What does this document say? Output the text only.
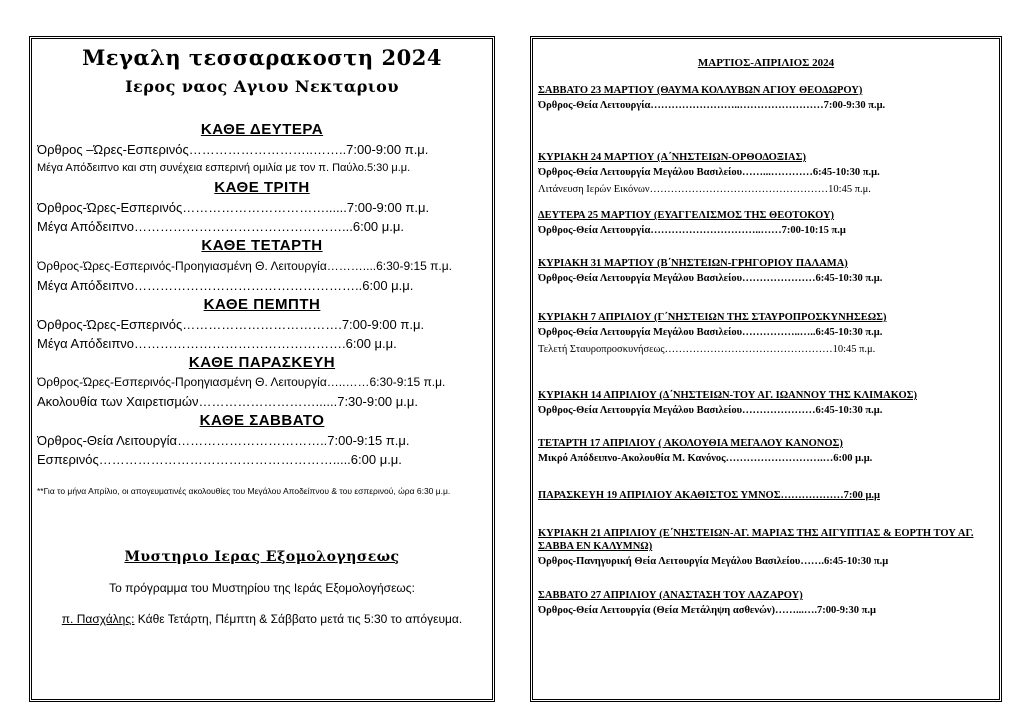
Μεγαλη τεσσαρακοστη 2024
Ιερος ναος Αγιου Νεκταριου
ΚΑΘΕ ΔΕΥΤΕΡΑ
Όρθρος –Ώρες-Εσπερινός………………………..……..7:00-9:00 π.μ.
Μέγα Απόδειπνο και στη συνέχεια εσπερινή ομιλία με τον π. Παύλο.5:30 μ.μ.
ΚΑΘΕ ΤΡΙΤΗ
Όρθρος-Ώρες-Εσπερινός……………………………......7:00-9:00 π.μ.
Μέγα Απόδειπνο…………………………………………...6:00 μ.μ.
ΚΑΘΕ ΤΕΤΑΡΤΗ
Όρθρος-Ώρες-Εσπερινός-Προηγιασμένη Θ. Λειτουργία………....6:30-9:15 π.μ.
Μέγα Απόδειπνο……………………………………………..6:00 μ.μ.
ΚΑΘΕ ΠΕΜΠΤΗ
Όρθρος-Ώρες-Εσπερινός……………………………….7:00-9:00 π.μ.
Μέγα Απόδειπνο………………………………………….6:00 μ.μ.
ΚΑΘΕ ΠΑΡΑΣΚΕΥΗ
Όρθρος-Ώρες-Εσπερινός-Προηγιασμένη Θ. Λειτουργία…..……6:30-9:15 π.μ.
Ακολουθία των Χαιρετισμών………………………......7:30-9:00 μ.μ.
ΚΑΘΕ ΣΑΒΒΑΤΟ
Όρθρος-Θεία Λειτουργία……………………………..7:00-9:15 π.μ.
Εσπερινός……………………………………………….....6:00 μ.μ.
**Για το μήνα Απρίλιο, οι απογευματινές ακολουθίες του Μεγάλου Αποδείπνου & του εσπερινού, ώρα 6:30 μ.μ.
Μυστηριο Ιερας Εξομολογησεως
Το πρόγραμμα του Μυστηρίου της Ιεράς Εξομολογήσεως:
π. Πασχάλης: Κάθε Τετάρτη, Πέμπτη & Σάββατο μετά τις 5:30 το απόγευμα.
ΜΑΡΤΙΟΣ-ΑΠΡΙΛΙΟΣ 2024
ΣΑΒΒΑΤΟ 23 ΜΑΡΤΙΟΥ (ΘΑΥΜΑ ΚΟΛΛΥΒΩΝ ΑΓΙΟΥ ΘΕΟΔΩΡΟΥ)
Όρθρος-Θεία Λειτουργία……………………..……………………7:00-9:30 π.μ.
ΚΥΡΙΑΚΗ 24 ΜΑΡΤΙΟΥ (Α΄ΝΗΣΤΕΙΩΝ-ΟΡΘΟΔΟΞΙΑΣ)
Όρθρος-Θεία Λειτουργία Μεγάλου Βασιλείου……...…………6:45-10:30 π.μ.
Λιτάνευση Ιερών Εικόνων……………………………………………10:45 π.μ.
ΔΕΥΤΕΡΑ 25 ΜΑΡΤΙΟΥ (ΕΥΑΓΓΕΛΙΣΜΟΣ ΤΗΣ ΘΕΟΤΟΚΟΥ)
Όρθρος-Θεία Λειτουργία…………………………..……7:00-10:15 π.μ
ΚΥΡΙΑΚΗ 31 ΜΑΡΤΙΟΥ (Β΄ΝΗΣΤΕΙΩΝ-ΓΡΗΓΟΡΙΟΥ ΠΑΛΑΜΑ)
Όρθρος-Θεία Λειτουργία Μεγάλου Βασιλείου…………………6:45-10:30 π.μ.
ΚΥΡΙΑΚΗ 7 ΑΠΡΙΛΙΟΥ (Γ΄ΝΗΣΤΕΙΩΝ ΤΗΣ ΣΤΑΥΡΟΠΡΟΣΚΥΝΗΣΕΩΣ)
Όρθρος-Θεία Λειτουργία Μεγάλου Βασιλείου……………..…..6:45-10:30 π.μ.
Τελετή Σταυροπροσκυνήσεως…………………………………………10:45 π.μ.
ΚΥΡΙΑΚΗ 14 ΑΠΡΙΛΙΟΥ (Δ΄ΝΗΣΤΕΙΩΝ-ΤΟΥ ΑΓ. ΙΩΑΝΝΟΥ ΤΗΣ ΚΛΙΜΑΚΟΣ)
Όρθρος-Θεία Λειτουργία Μεγάλου Βασιλείου…………………6:45-10:30 π.μ.
ΤΕΤΑΡΤΗ 17 ΑΠΡΙΛΙΟΥ ( ΑΚΟΛΟΥΘΙΑ ΜΕΓΑΛΟΥ ΚΑΝΟΝΟΣ)
Μικρό Απόδειπνο-Ακολουθία Μ. Κανόνος……………………….…6:00 μ.μ.
ΠΑΡΑΣΚΕΥΗ 19 ΑΠΡΙΛΙΟΥ ΑΚΑΘΙΣΤΟΣ ΥΜΝΟΣ………………7:00 μ.μ
ΚΥΡΙΑΚΗ 21 ΑΠΡΙΛΙΟΥ (Ε΄ΝΗΣΤΕΙΩΝ-ΑΓ. ΜΑΡΙΑΣ ΤΗΣ ΑΙΓΥΠΤΙΑΣ & ΕΟΡΤΗ ΤΟΥ ΑΓ. ΣΑΒΒΑ ΕΝ ΚΑΛΥΜΝΩ)
Όρθρος-Πανηγυρική Θεία Λειτουργία Μεγάλου Βασιλείου…….6:45-10:30 π.μ
ΣΑΒΒΑΤΟ 27 ΑΠΡΙΛΙΟΥ (ΑΝΑΣΤΑΣΗ ΤΟΥ ΛΑΖΑΡΟΥ)
Όρθρος-Θεία Λειτουργία (Θεία Μετάληψη ασθενών)……...….7:00-9:30 π.μ
